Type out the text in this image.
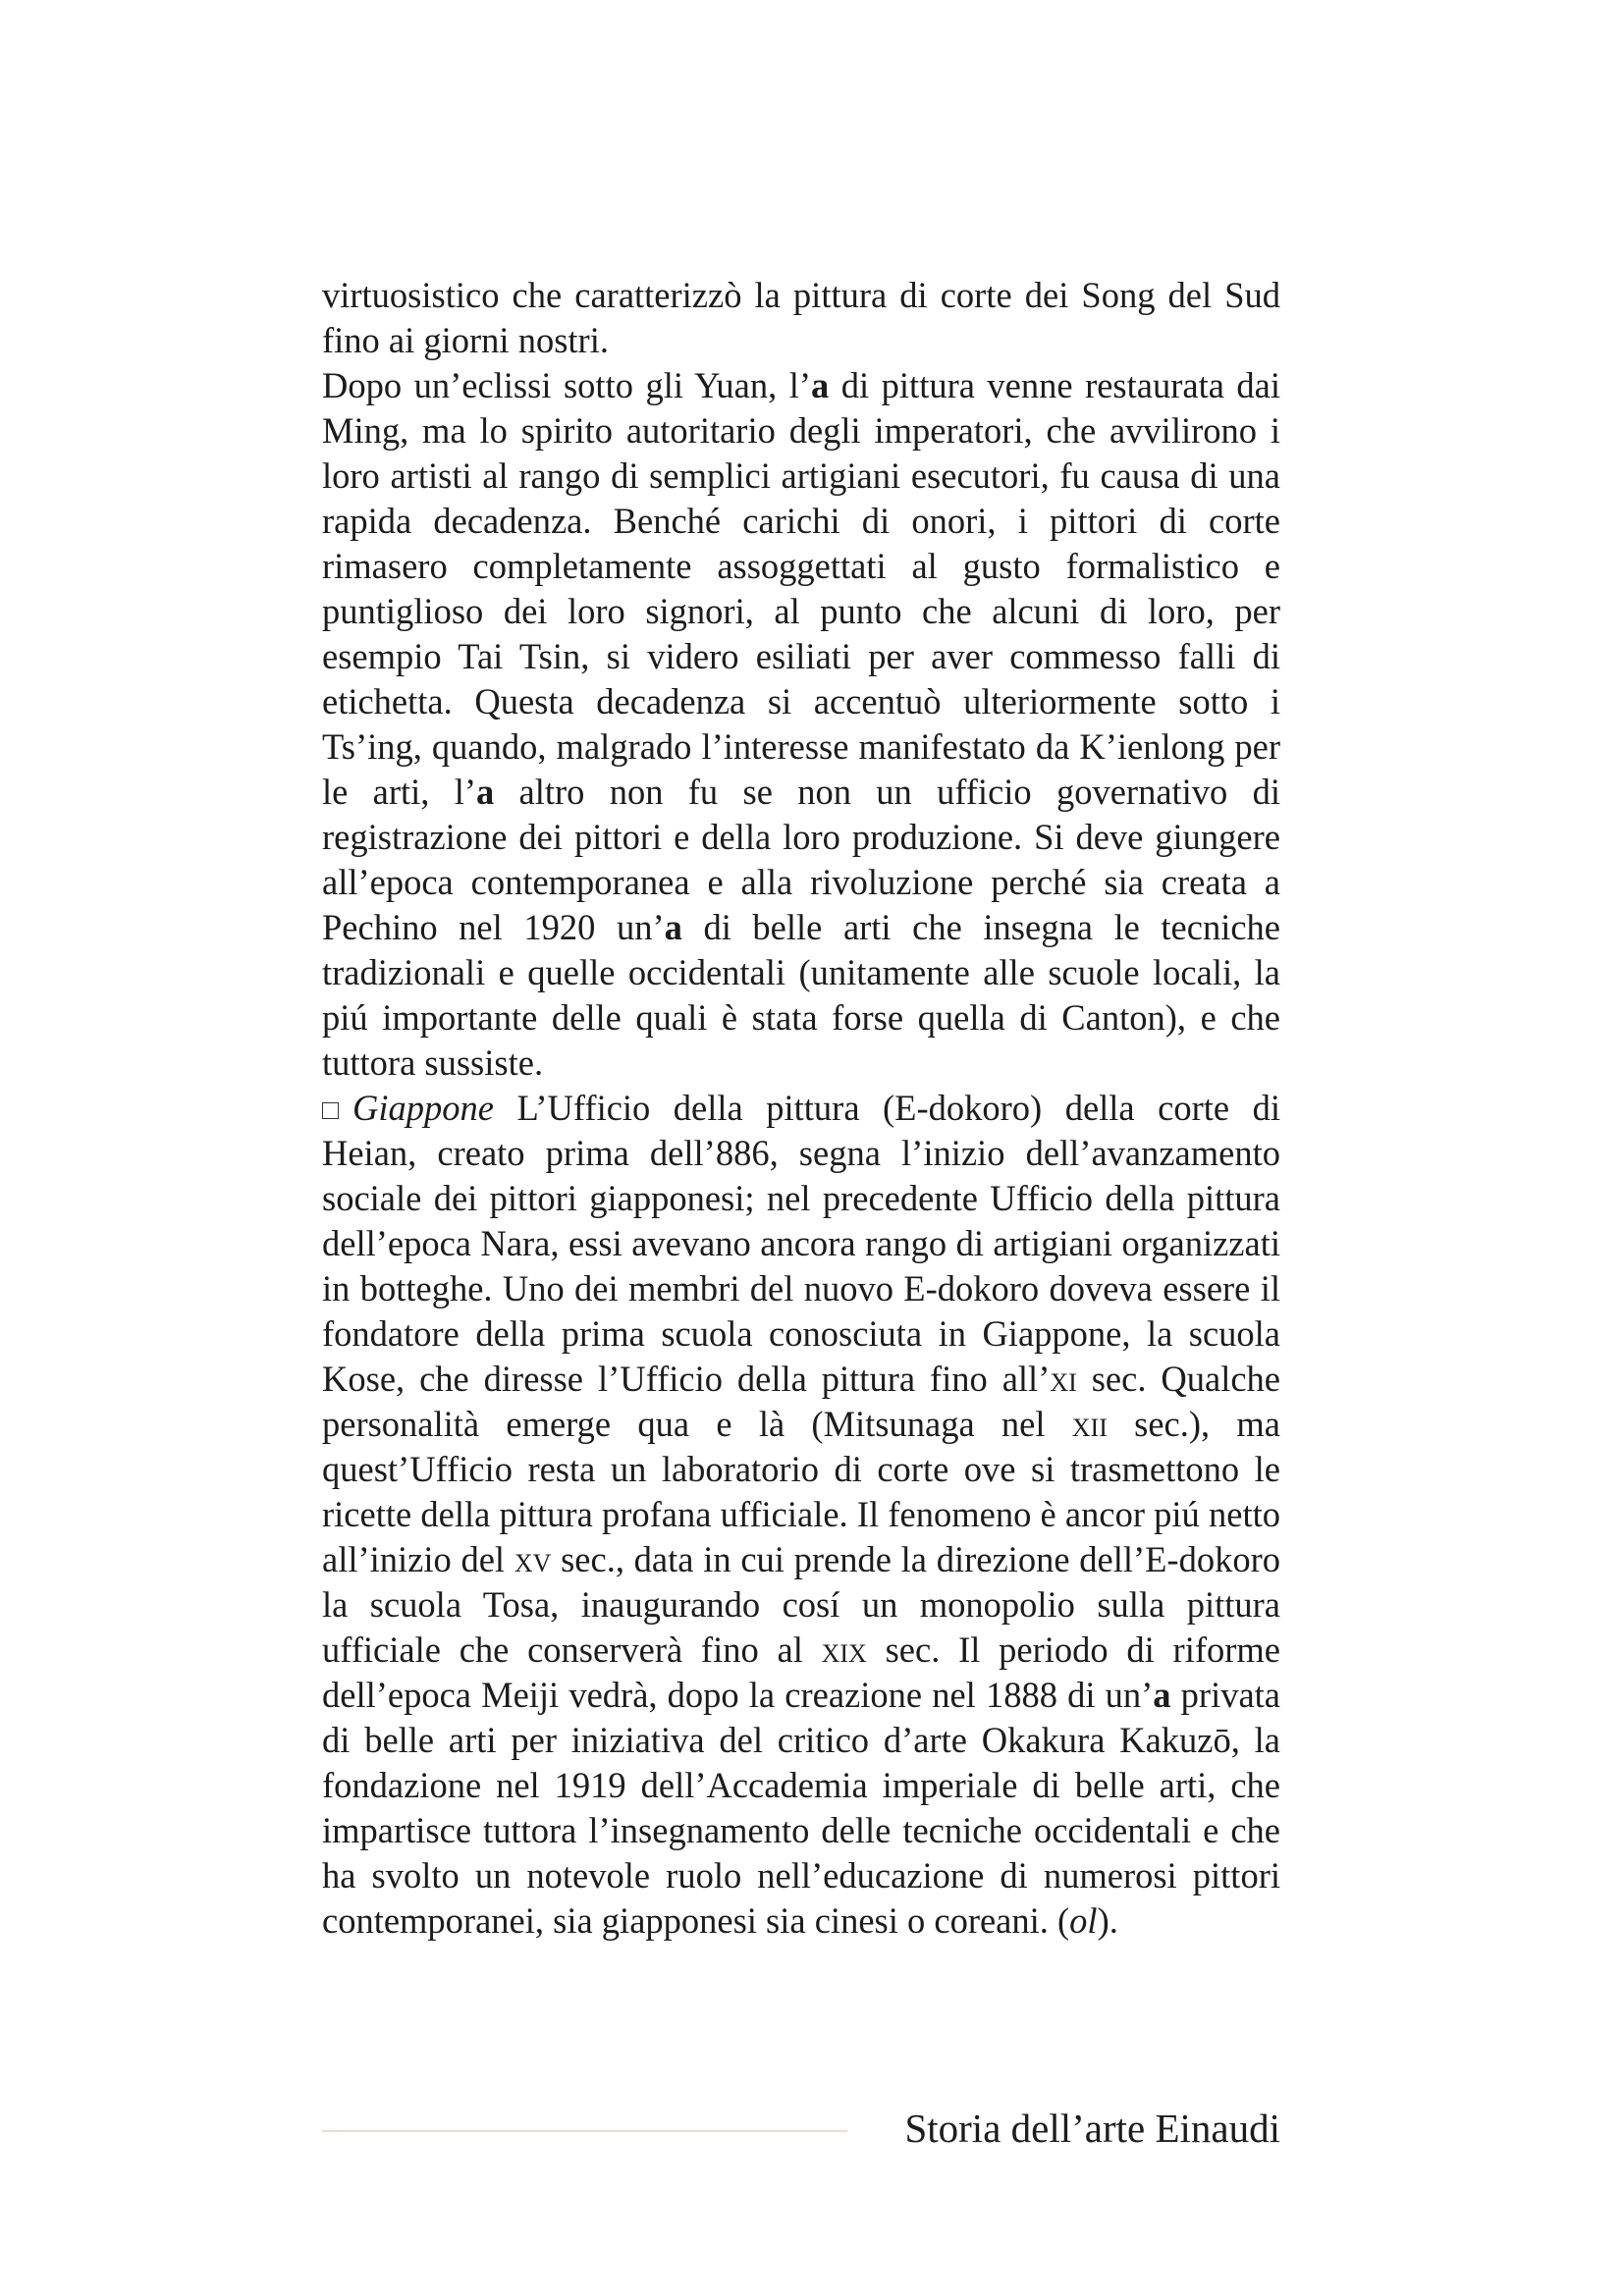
virtuosistico che caratterizzò la pittura di corte dei Song del Sud fino ai giorni nostri.

Dopo un’eclissi sotto gli Yuan, l’a di pittura venne restaurata dai Ming, ma lo spirito autoritario degli imperatori, che avvilirono i loro artisti al rango di semplici artigiani esecutori, fu causa di una rapida decadenza. Benché carichi di onori, i pittori di corte rimasero completamente assoggettati al gusto formalistico e puntiglioso dei loro signori, al punto che alcuni di loro, per esempio Tai Tsin, si videro esiliati per aver commesso falli di etichetta. Questa decadenza si accentuò ulteriormente sotto i Ts’ing, quando, malgrado l’interesse manifestato da K’ienlong per le arti, l’a altro non fu se non un ufficio governativo di registrazione dei pittori e della loro produzione. Si deve giungere all’epoca contemporanea e alla rivoluzione perché sia creata a Pechino nel 1920 un’a di belle arti che insegna le tecniche tradizionali e quelle occidentali (unitamente alle scuole locali, la piú importante delle quali è stata forse quella di Canton), e che tuttora sussiste.

Giappone L’Ufficio della pittura (E-dokoro) della corte di Heian, creato prima dell’886, segna l’inizio dell’avanzamento sociale dei pittori giapponesi; nel precedente Ufficio della pittura dell’epoca Nara, essi avevano ancora rango di artigiani organizzati in botteghe. Uno dei membri del nuovo E-dokoro doveva essere il fondatore della prima scuola conosciuta in Giappone, la scuola Kose, che diresse l’Ufficio della pittura fino all’xi sec. Qualche personalità emerge qua e là (Mitsunaga nel xii sec.), ma quest’Ufficio resta un laboratorio di corte ove si trasmettono le ricette della pittura profana ufficiale. Il fenomeno è ancor piú netto all’inizio del xv sec., data in cui prende la direzione dell’E-dokoro la scuola Tosa, inaugurando cosí un monopolio sulla pittura ufficiale che conserverà fino al xix sec. Il periodo di riforme dell’epoca Meiji vedrà, dopo la creazione nel 1888 di un’a privata di belle arti per iniziativa del critico d’arte Okakura Kakuzō, la fondazione nel 1919 dell’Accademia imperiale di belle arti, che impartisce tuttora l’insegnamento delle tecniche occidentali e che ha svolto un notevole ruolo nell’educazione di numerosi pittori contemporanei, sia giapponesi sia cinesi o coreani. (ol).

Storia dell’arte Einaudi
